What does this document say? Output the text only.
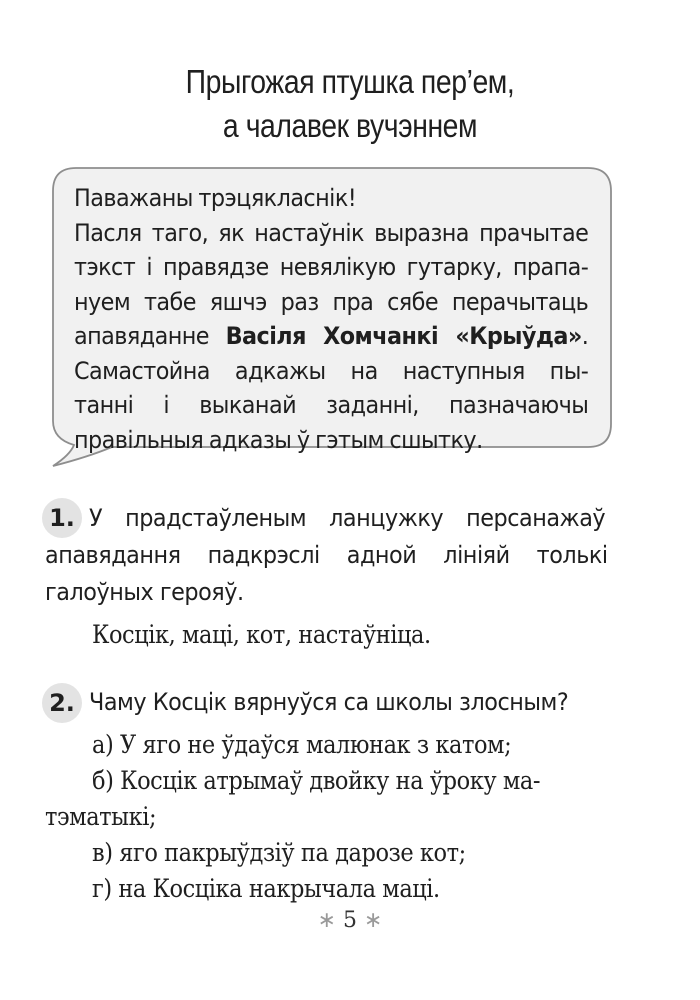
Прыгожая птушка пер’ем,
а чалавек вучэннем
Паважаны трэцякласнік!
Пасля таго, як настаўнік выразна прачытае
тэкст і правядзе невялікую гутарку, прапа-
нуем табе яшчэ раз пра сябе перачытаць
апавяданне Васіля Хомчанкі «Крыўда».
Самастойна адкажы на наступныя пы-
танні і выканай заданні, пазначаючы
правільныя адказы ў гэтым сшытку.
1. У прадстаўленым ланцужку персанажаў
апавядання падкрэслі адной лініяй толькі
галоўных герояў.
Косцік, маці, кот, настаўніца.
2. Чаму Косцік вярнуўся са школы злосным?
а) У яго не ўдаўся малюнак з катом;
б) Косцік атрымаў двойку на ўроку ма-
тэматыкі;
в) яго пакрыўдзіў па дарозе кот;
г) на Косціка накрычала маці.
∗ 5 ∗
